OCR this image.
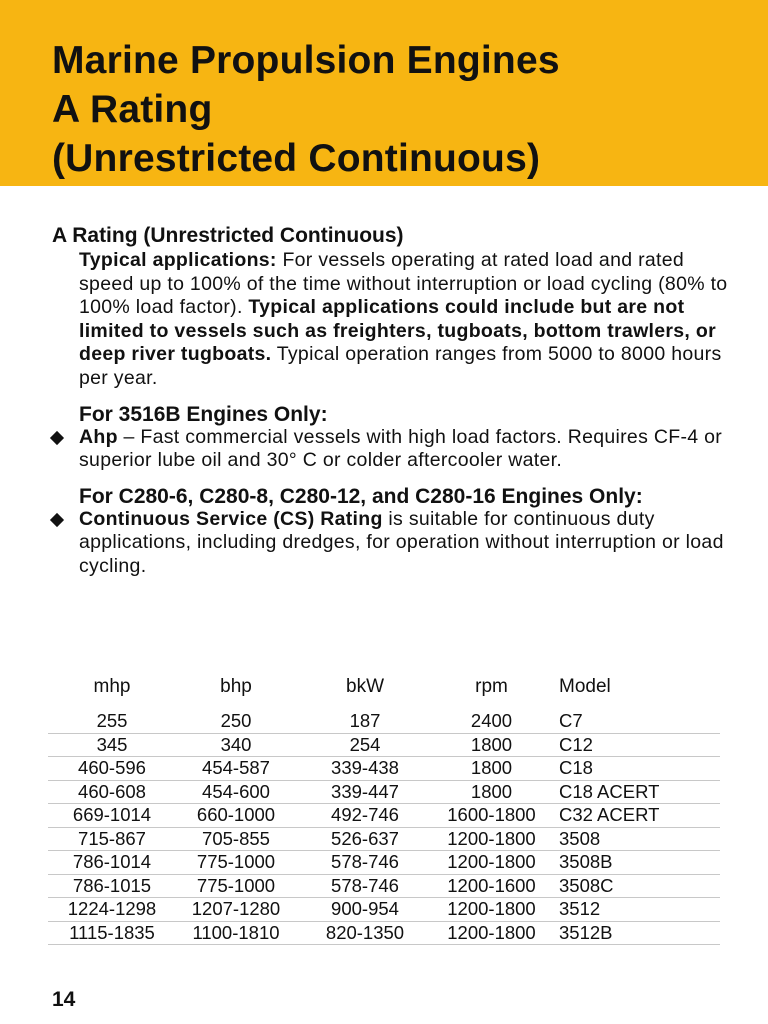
Marine Propulsion Engines
A Rating
(Unrestricted Continuous)
A Rating (Unrestricted Continuous)

Typical applications: For vessels operating at rated load and rated speed up to 100% of the time without interruption or load cycling (80% to 100% load factor). Typical applications could include but are not limited to vessels such as freighters, tugboats, bottom trawlers, or deep river tugboats. Typical operation ranges from 5000 to 8000 hours per year.

For 3516B Engines Only:

Ahp – Fast commercial vessels with high load factors. Requires CF-4 or superior lube oil and 30° C or colder aftercooler water.

For C280-6, C280-8, C280-12, and C280-16 Engines Only:

Continuous Service (CS) Rating is suitable for continuous duty applications, including dredges, for operation without interruption or load cycling.

mhp	bhp	bkW	rpm	Model
255	250	187	2400	C7
345	340	254	1800	C12
460-596	454-587	339-438	1800	C18
460-608	454-600	339-447	1800	C18 ACERT
669-1014	660-1000	492-746	1600-1800	C32 ACERT
715-867	705-855	526-637	1200-1800	3508
786-1014	775-1000	578-746	1200-1800	3508B
786-1015	775-1000	578-746	1200-1600	3508C
1224-1298	1207-1280	900-954	1200-1800	3512
1115-1835	1100-1810	820-1350	1200-1800	3512B
14
